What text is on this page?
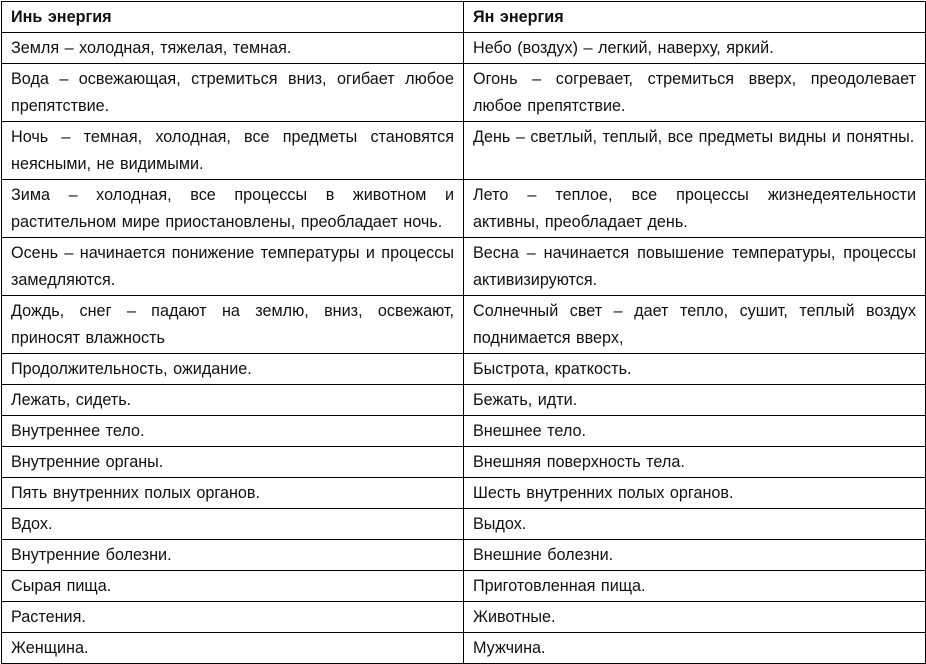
Инь энергия	Ян энергия
Земля – холодная, тяжелая, темная.	Небо (воздух) – легкий, наверху, яркий.
Вода – освежающая, стремиться вниз, огибает любое препятствие.	Огонь – согревает, стремиться вверх, преодолевает любое препятствие.
Ночь – темная, холодная, все предметы становятся неясными, не видимыми.	День – светлый, теплый, все предметы видны и понятны.
Зима – холодная, все процессы в животном и растительном мире приостановлены, преобладает ночь.	Лето – теплое, все процессы жизнедеятельности активны, преобладает день.
Осень – начинается понижение температуры и процессы замедляются.	Весна – начинается повышение температуры, процессы активизируются.
Дождь, снег – падают на землю, вниз, освежают, приносят влажность	Солнечный свет – дает тепло, сушит, теплый воздух поднимается вверх,
Продолжительность, ожидание.	Быстрота, краткость.
Лежать, сидеть.	Бежать, идти.
Внутреннее тело.	Внешнее тело.
Внутренние органы.	Внешняя поверхность тела.
Пять внутренних полых органов.	Шесть внутренних полых органов.
Вдох.	Выдох.
Внутренние болезни.	Внешние болезни.
Сырая пища.	Приготовленная пища.
Растения.	Животные.
Женщина.	Мужчина.
